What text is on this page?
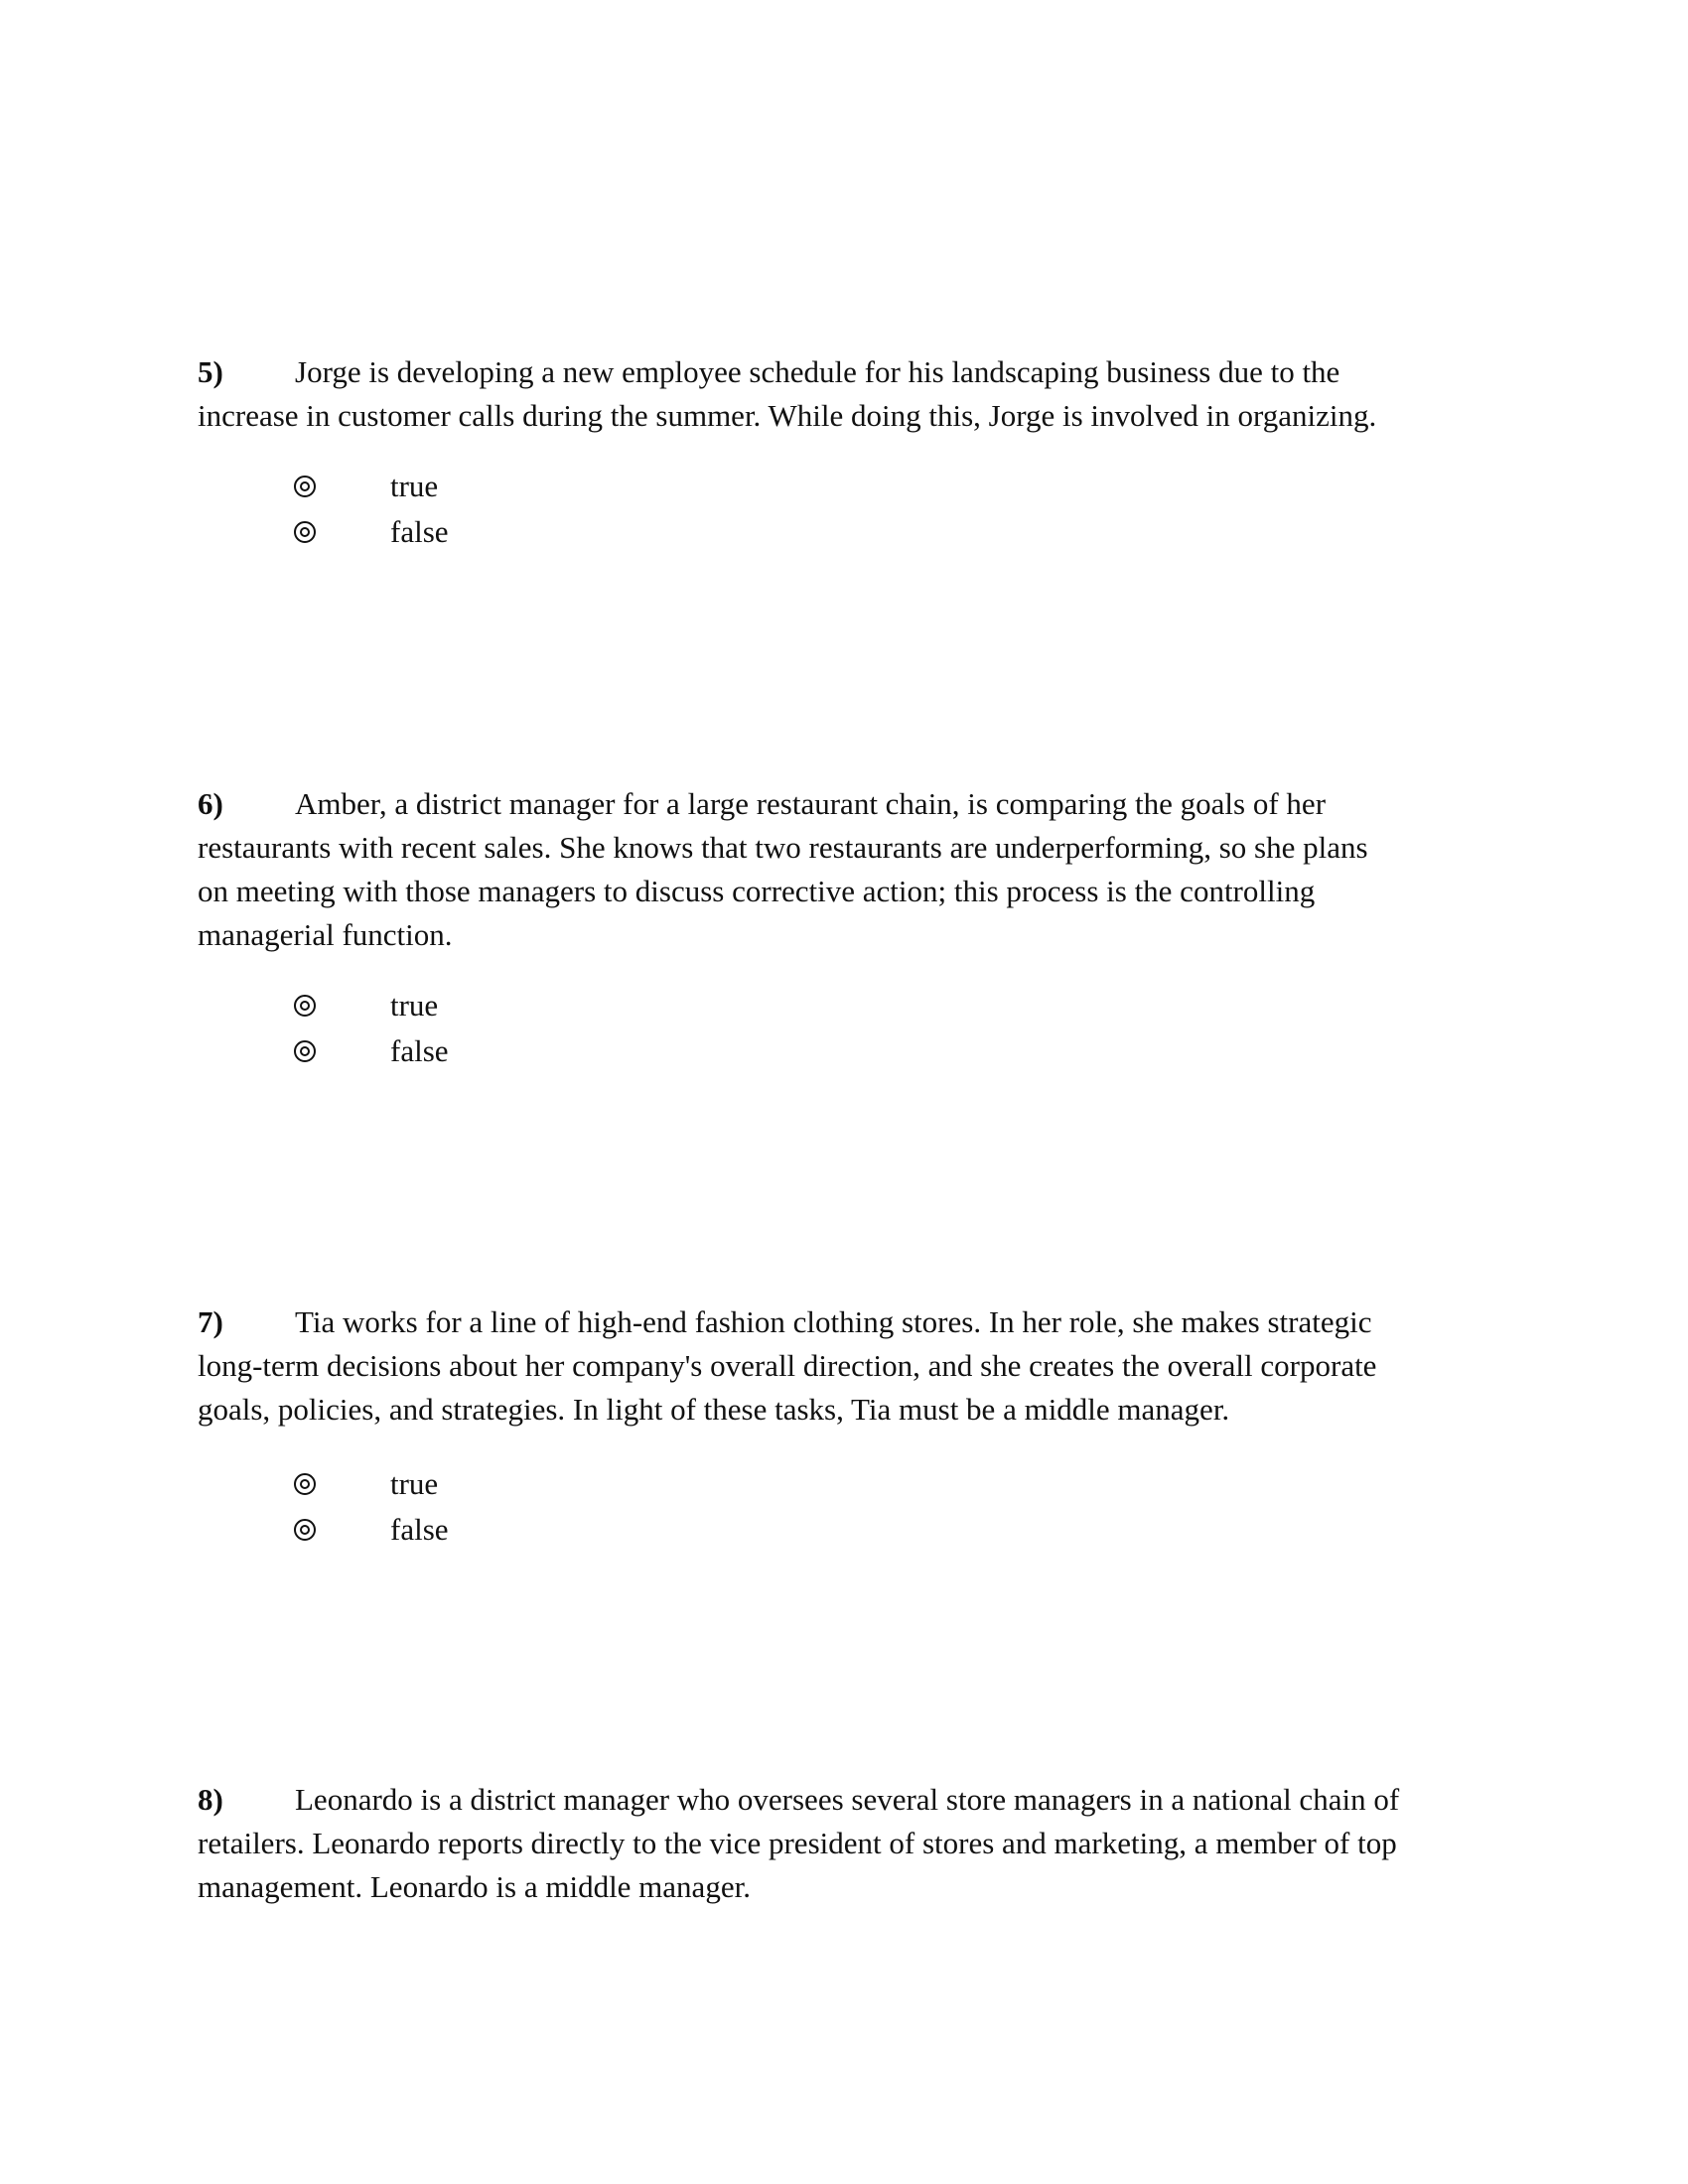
5) Jorge is developing a new employee schedule for his landscaping business due to the
increase in customer calls during the summer. While doing this, Jorge is involved in organizing.
true
false
6) Amber, a district manager for a large restaurant chain, is comparing the goals of her
restaurants with recent sales. She knows that two restaurants are underperforming, so she plans
on meeting with those managers to discuss corrective action; this process is the controlling
managerial function.
true
false
7) Tia works for a line of high-end fashion clothing stores. In her role, she makes strategic
long-term decisions about her company's overall direction, and she creates the overall corporate
goals, policies, and strategies. In light of these tasks, Tia must be a middle manager.
true
false
8) Leonardo is a district manager who oversees several store managers in a national chain of
retailers. Leonardo reports directly to the vice president of stores and marketing, a member of top
management. Leonardo is a middle manager.
